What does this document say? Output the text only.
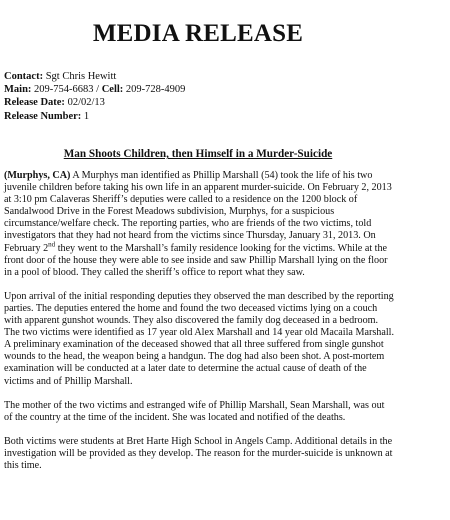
MEDIA RELEASE
Contact: Sgt Chris Hewitt
Main: 209-754-6683 / Cell: 209-728-4909
Release Date: 02/02/13
Release Number: 1
Man Shoots Children, then Himself in a Murder-Suicide

(Murphys, CA) A Murphys man identified as Phillip Marshall (54) took the life of his two juvenile children before taking his own life in an apparent murder-suicide. On February 2, 2013 at 3:10 pm Calaveras Sheriff’s deputies were called to a residence on the 1200 block of Sandalwood Drive in the Forest Meadows subdivision, Murphys, for a suspicious circumstance/welfare check. The reporting parties, who are friends of the two victims, told investigators that they had not heard from the victims since Thursday, January 31, 2013. On February 2nd they went to the Marshall’s family residence looking for the victims. While at the front door of the house they were able to see inside and saw Phillip Marshall lying on the floor in a pool of blood. They called the sheriff’s office to report what they saw.

Upon arrival of the initial responding deputies they observed the man described by the reporting parties. The deputies entered the home and found the two deceased victims lying on a couch with apparent gunshot wounds. They also discovered the family dog deceased in a bedroom. The two victims were identified as 17 year old Alex Marshall and 14 year old Macaila Marshall. A preliminary examination of the deceased showed that all three suffered from single gunshot wounds to the head, the weapon being a handgun. The dog had also been shot. A post-mortem examination will be conducted at a later date to determine the actual cause of death of the victims and of Phillip Marshall.

The mother of the two victims and estranged wife of Phillip Marshall, Sean Marshall, was out of the country at the time of the incident. She was located and notified of the deaths.

Both victims were students at Bret Harte High School in Angels Camp. Additional details in the investigation will be provided as they develop. The reason for the murder-suicide is unknown at this time.
